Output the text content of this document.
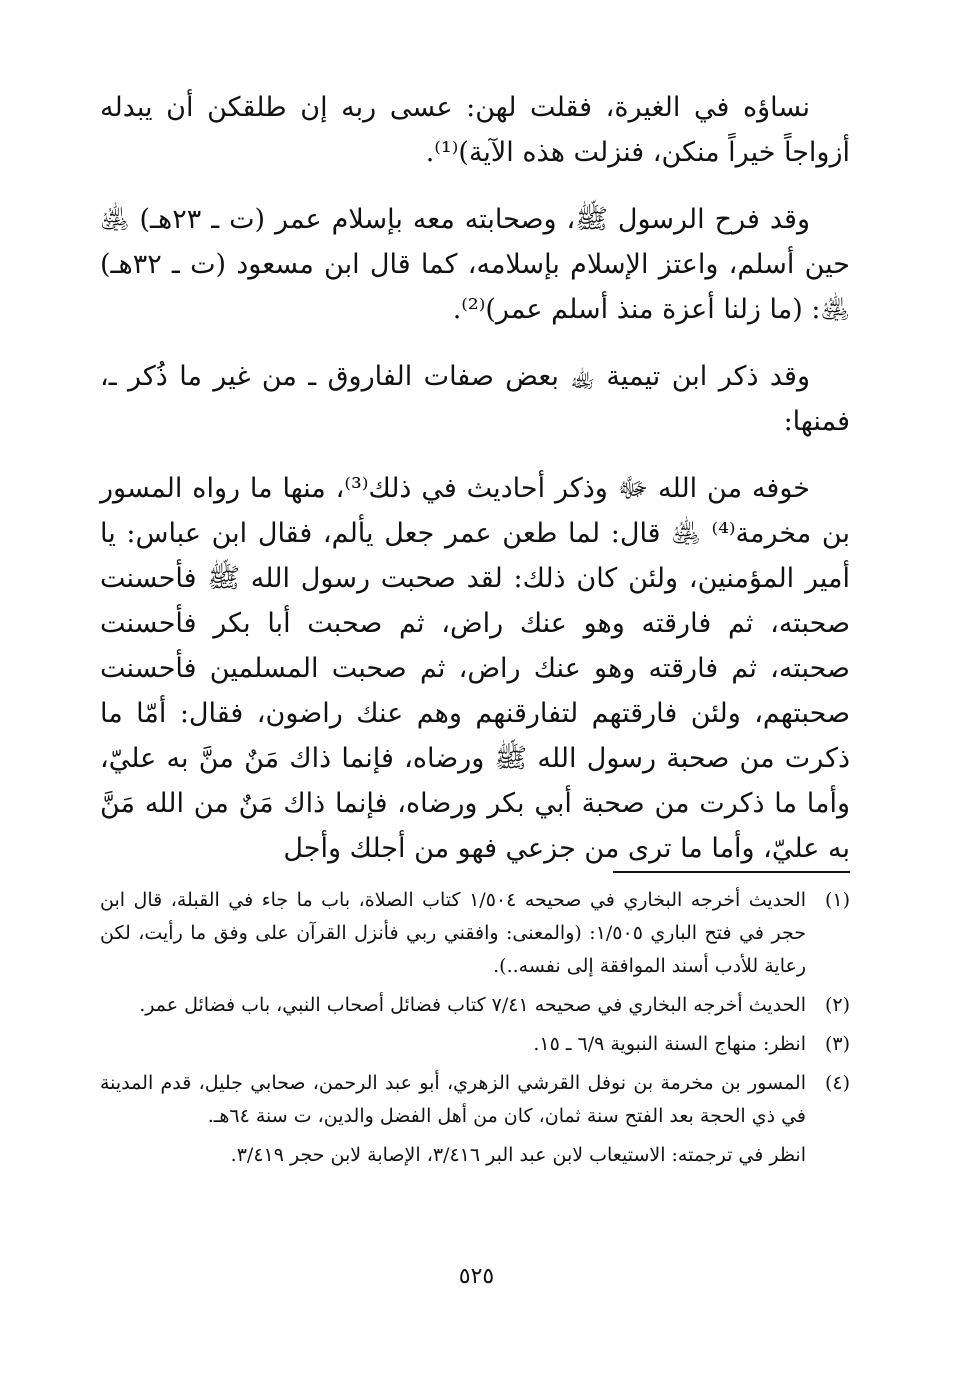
نساؤه في الغيرة، فقلت لهن: عسى ربه إن طلقكن أن يبدله أزواجاً خيراً منكن، فنزلت هذه الآية)⁽¹⁾.

وقد فرح الرسول ﷺ، وصحابته معه بإسلام عمر (ت ـ ٢٣هـ) ﵁ حين أسلم، واعتز الإسلام بإسلامه، كما قال ابن مسعود (ت ـ ٣٢هـ) ﵁: (ما زلنا أعزة منذ أسلم عمر)⁽²⁾.

وقد ذكر ابن تيمية ﵀ بعض صفات الفاروق ـ من غير ما ذُكر ـ، فمنها:

خوفه من الله ﷻ وذكر أحاديث في ذلك⁽³⁾، منها ما رواه المسور بن مخرمة⁽⁴⁾ ﵁ قال: لما طعن عمر جعل يألم، فقال ابن عباس: يا أمير المؤمنين، ولئن كان ذلك: لقد صحبت رسول الله ﷺ فأحسنت صحبته، ثم فارقته وهو عنك راض، ثم صحبت أبا بكر فأحسنت صحبته، ثم فارقته وهو عنك راض، ثم صحبت المسلمين فأحسنت صحبتهم، ولئن فارقتهم لتفارقنهم وهم عنك راضون، فقال: أمّا ما ذكرت من صحبة رسول الله ﷺ ورضاه، فإنما ذاك مَنٌ منَّ به عليّ، وأما ما ذكرت من صحبة أبي بكر ورضاه، فإنما ذاك مَنٌ من الله مَنَّ به عليّ، وأما ما ترى من جزعي فهو من أجلك وأجل

(١)

الحديث أخرجه البخاري في صحيحه ١/٥٠٤ كتاب الصلاة، باب ما جاء في القبلة، قال ابن حجر في فتح الباري ١/٥٠٥: (والمعنى: وافقني ربي فأنزل القرآن على وفق ما رأيت، لكن رعاية للأدب أسند الموافقة إلى نفسه..).

(٢)

الحديث أخرجه البخاري في صحيحه ٧/٤١ كتاب فضائل أصحاب النبي، باب فضائل عمر.

(٣)

انظر: منهاج السنة النبوية ٦/٩ ـ ١٥.

(٤)

المسور بن مخرمة بن نوفل القرشي الزهري، أبو عبد الرحمن، صحابي جليل، قدم المدينة في ذي الحجة بعد الفتح سنة ثمان، كان من أهل الفضل والدين، ت سنة ٦٤هـ.

انظر في ترجمته: الاستيعاب لابن عبد البر ٣/٤١٦، الإصابة لابن حجر ٣/٤١٩.

٥٢٥
